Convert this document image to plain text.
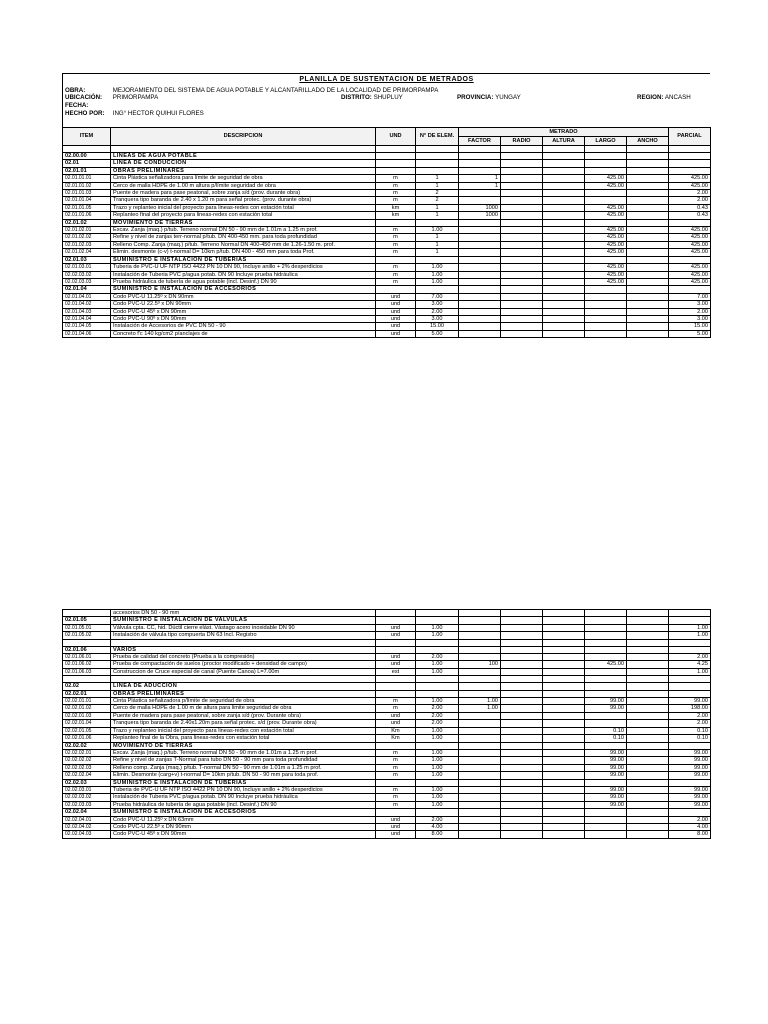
PLANILLA DE SUSTENTACION DE METRADOS
OBRA:	MEJORAMIENTO DEL SISTEMA DE AGUA POTABLE Y ALCANTARILLADO DE LA LOCALIDAD DE PRIMORPAMPA
UBICACIÓN: PRIMORPAMPA	DISTRITO: SHUPLUY	PROVINCIA: YUNGAY	REGION: ANCASH
FECHA:
HECHO POR: ING° HECTOR QUIHUI FLORES
ITEM	DESCRIPCION	UND	N° DE ELEM.	METRADO					PARCIAL
				FACTOR	RADIO	ALTURA	LARGO	ANCHO	

02.00.00	LINEAS DE AGUA POTABLE								
02.01	LINEA DE CONDUCCION								
02.01.01	OBRAS PRELIMINARES								
02.01.01.01	Cinta Plástica señalizadora para límite de seguridad de obra	m	1	1			425.00		425.00
02.01.01.02	Cerco de malla HDPE de 1.00 m altura p/límite seguridad de obra	m	1	1			425.00		425.00
02.01.01.03	Puente de madera para pase peatonal, sobre zanja s/d (prov. durante obra)	m	2						2.00
02.01.01.04	Tranquera tipo baranda de 2.40 x 1.20 m para señal protec. (prov. durante obra)	m	2						2.00
02.01.01.05	Trazo y replanteo inicial del proyecto para lineas-redes con estación total	km	1	1000			425.00		0.43
02.01.01.06	Replanteo final del proyecto para lineas-redes con estación total	km	1	1000			425.00		0.43
02.01.02	MOVIMIENTO DE TIERRAS								
02.01.02.01	Excav. Zanja (maq.) p/tub. Terreno normal DN 50 - 90 mm de 1.01m a 1.25 m prof.	m	1.00				425.00		425.00
02.01.02.02	Refine y nivel de zanjas terr-normal p/tub. DN 400-450 mm. para toda profundidad	m	1				425.00		425.00
02.01.02.03	Relleno Comp. Zanja (maq.) p/tub. Terreno Normal DN 400-450 mm de 1.26-1.50 m. prof.	m	1				425.00		425.00
02.01.02.04	Elimin. desmonte (c-v) t-normal D= 10km p/tub. DN 400 - 450 mm para toda Prof.	m	1				425.00		425.00
02.01.03	SUMINISTRO E INSTALACION DE TUBERIAS								
02.01.03.01	Tuberia de PVC-U UF NTP ISO 4422 PN 10 DN 90, Incluye anillo + 2% desperdicios	m	1.00				425.00		425.00
02.02.03.02	Instalación de Tuberia PVC p/agua potab. DN 90 Incluye prueba hidráulica	m	1.00				425.00		425.00
02.02.03.03	Prueba hidráulica de tubería de agua potable (incl. Desinf.) DN 90	m	1.00				425.00		425.00
02.01.04	SUMINISTRO E INSTALACION DE ACCESORIOS								
02.01.04.01	Codo PVC-U 11.25º x DN 90mm	und	7.00						7.00
02.01.04.02	Codo PVC-U 22.5º x DN 90mm	und	3.00						3.00
02.01.04.03	Codo PVC-U 45º x DN 90mm	und	2.00						2.00
02.01.04.04	Codo PVC-U 90º x DN 90mm	und	3.00						3.00
02.01.04.05	Instalación de Accesorios de PVC DN 50 - 90	und	15.00						15.00
02.01.04.06	Concreto f'c 140 kg/cm2 p/anclajes de	und	5.00						5.00
	accesorios DN 50 - 90 mm								
02.01.05	SUMINISTRO E INSTALACION DE VALVULAS								
02.01.05.01	Válvula cpta. CC, hid. Dúctil cierre elást. Vástago acero inoxidable DN 90	und	1.00						1.00
02.01.05.02	Instalación de válvula tipo compuerta DN 63 Incl. Registro	und	1.00						1.00

02.01.06	VARIOS								
02.01.06.01	Prueba de calidad del concreto (Prueba a la compresión)	und	2.00						2.00
02.01.06.02	Prueba de compactación de suelos (proctor modificado + densidad de campo)	und	1.00	100			425.00		4.25
02.01.06.03	Construccion de Cruce especial de canal (Puente Canoa) L=7.00m	est	1.00						1.00

02.02	LINEA DE ADUCCION								
02.02.01	OBRAS PRELIMINARES								
02.02.01.01	Cinta Plástica señalizadora p/límite de seguridad de obra	m	1.00	1.00			99.00		99.00
02.02.01.02	Cerco de malla HDPE de 1.00 m de altura para limite seguridad de obra	m	2.00	1.00			99.00		198.00
02.02.01.03	Puente de madera para pase peatonal, sobre zanja s/d (prov. Durante obra)	und	2.00						2.00
02.02.01.04	Tranquera tipo baranda de 2.40x1.20m para señal protec. s/d (prov. Durante obra)	und	2.00						2.00
02.02.01.05	Trazo y replanteo inicial del proyecto para lineas-redes con estación total	Km	1.00				0.10		0.10
02.02.01.06	Replanteo final de la Obra, para lineas-redes con estación total	Km	1.00				0.10		0.10
02.02.02	MOVIMIENTO DE TIERRAS								
02.02.02.01	Excav. Zanja (maq.) p/tub. Terreno normal DN 50 - 90 mm de 1.01m a 1.25 m prof.	m	1.00				99.00		99.00
02.02.02.02	Refine y nivel de zanjas T-Normal para tubo DN 50 - 90 mm para toda profundidad	m	1.00				99.00		99.00
02.02.02.03	Relleno comp. Zanja (maq.) p/tub. T-normal DN 50 - 90 mm de 1.01m a 1.25 m prof.	m	1.00				99.00		99.00
02.02.02.04	Elimin. Desmonte (carg+v) t-normal D= 10km p/tub. DN 50 - 90 mm para toda prof.	m	1.00				99.00		99.00
02.02.03	SUMINISTRO E INSTALACION DE TUBERIAS								
02.02.03.01	Tuberia de PVC-U UF NTP ISO 4422 PN 10 DN 90, Incluye anillo + 2% desperdicios	m	1.00				99.00		99.00
02.02.03.02	Instalación de Tuberia PVC p/agua potab. DN 90 Incluye prueba hidráulica	m	1.00				99.00		99.00
02.02.03.03	Prueba hidráulica de tubería de agua potable (incl. Desinf.) DN 90	m	1.00				99.00		99.00
02.02.04	SUMINISTRO E INSTALACION DE ACCESORIOS								
02.02.04.01	Codo PVC-U 11.25º x DN 63mm	und	2.00						2.00
02.02.04.02	Codo PVC-U 22.5º x DN 90mm	und	4.00						4.00
02.02.04.03	Codo PVC-U 45º x DN 90mm	und	8.00						8.00
